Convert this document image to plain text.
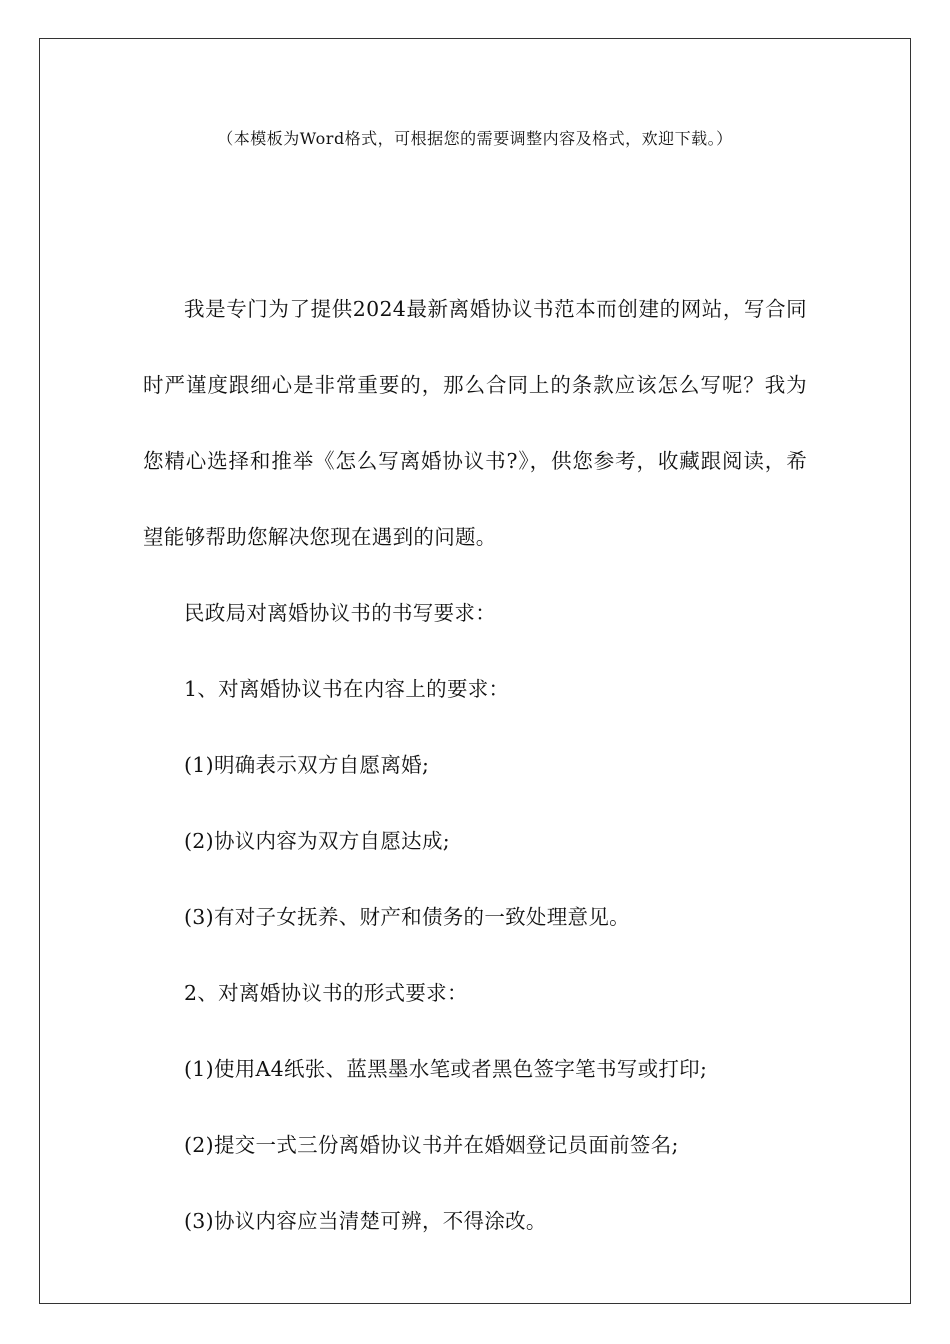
（本模板为Word格式，可根据您的需要调整内容及格式，欢迎下载。）

我是专门为了提供2024最新离婚协议书范本而创建的网站，写合同时严谨度跟细心是非常重要的，那么合同上的条款应该怎么写呢？我为您精心选择和推举《怎么写离婚协议书?》，供您参考，收藏跟阅读，希望能够帮助您解决您现在遇到的问题。

民政局对离婚协议书的书写要求：

1、对离婚协议书在内容上的要求：

(1)明确表示双方自愿离婚;

(2)协议内容为双方自愿达成;

(3)有对子女抚养、财产和债务的一致处理意见。

2、对离婚协议书的形式要求：

(1)使用A4纸张、蓝黑墨水笔或者黑色签字笔书写或打印;

(2)提交一式三份离婚协议书并在婚姻登记员面前签名;

(3)协议内容应当清楚可辨，不得涂改。
